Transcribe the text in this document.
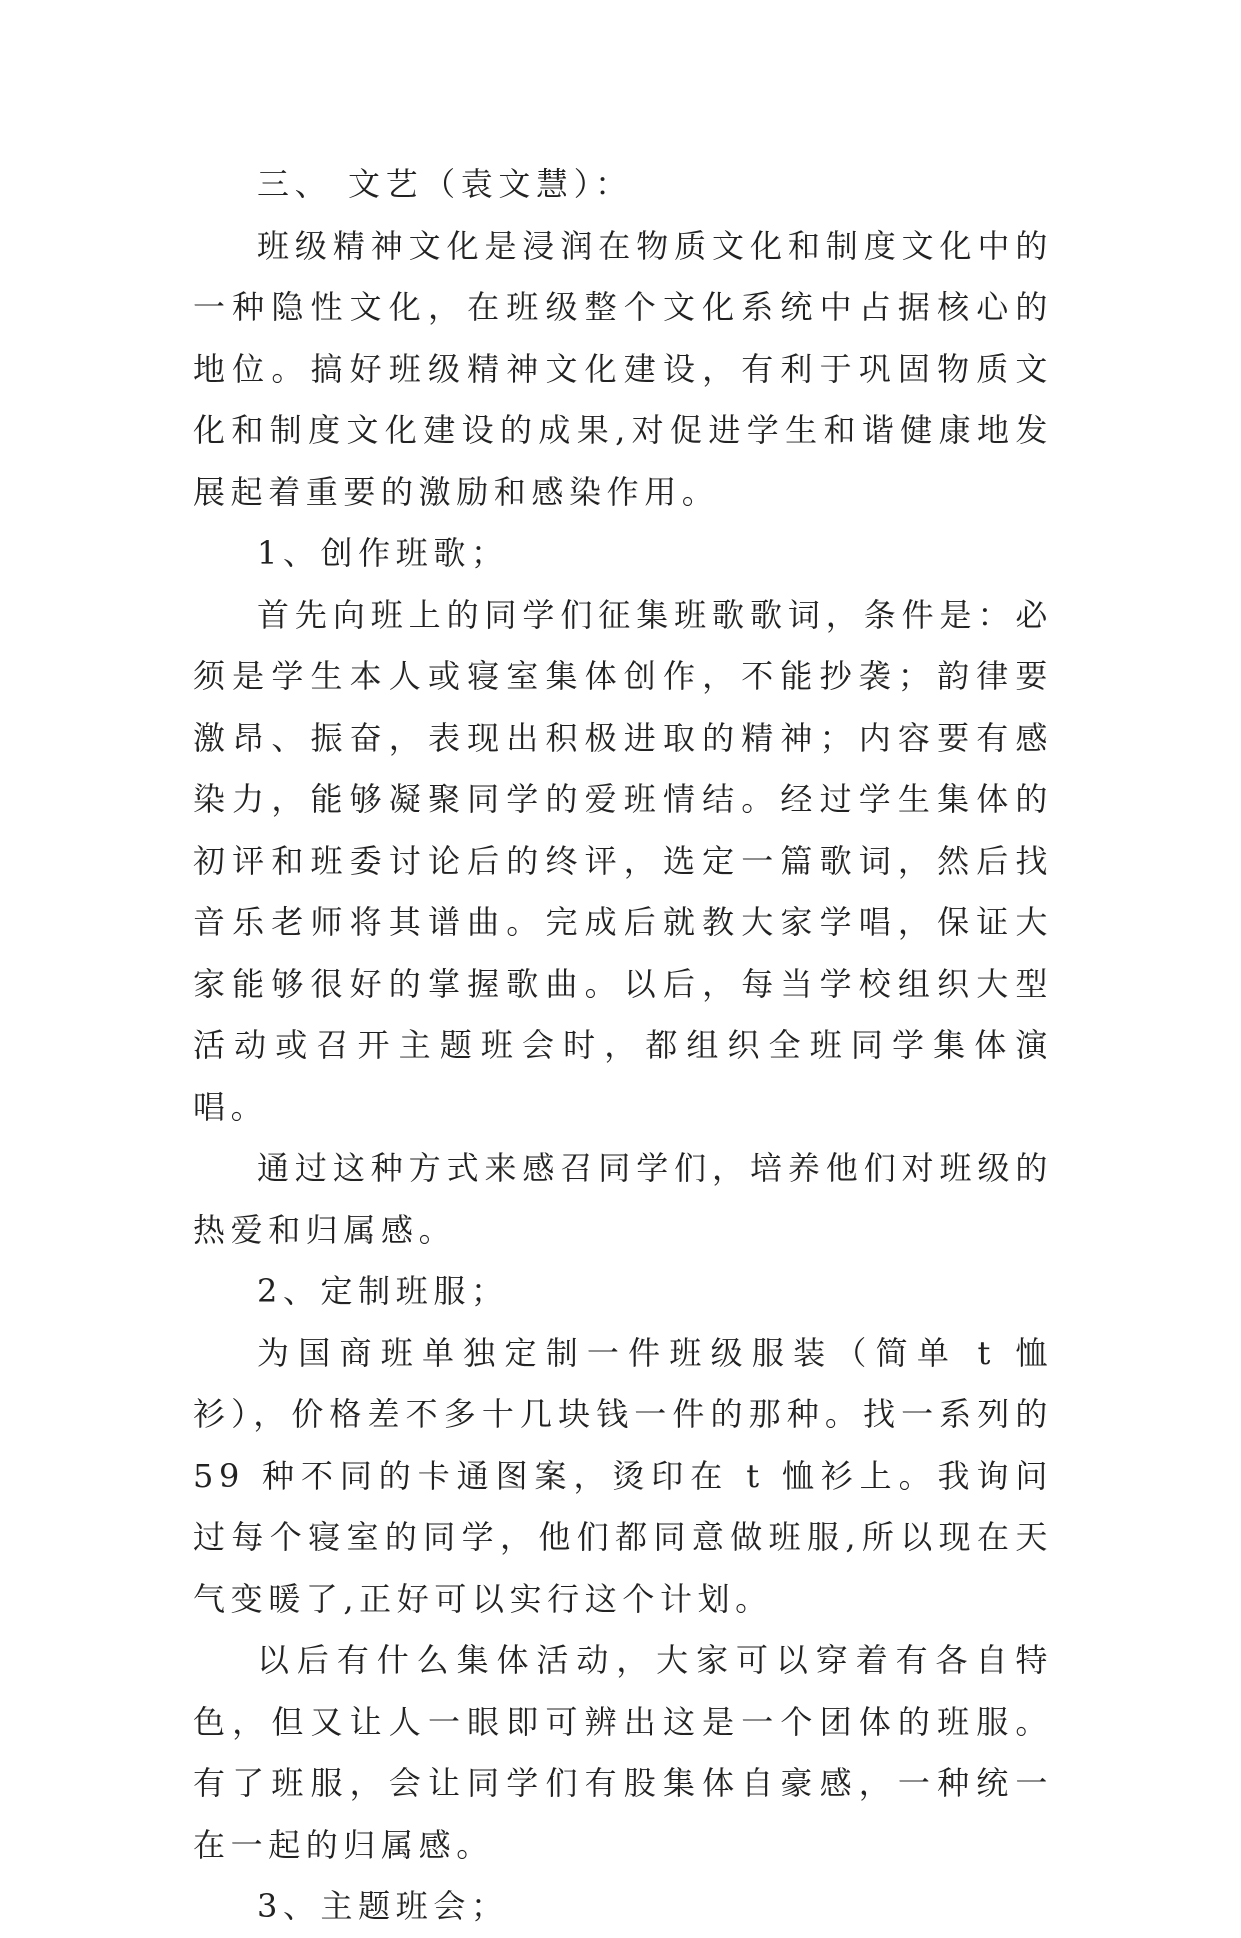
三、 文艺（袁文慧）：

班级精神文化是浸润在物质文化和制度文化中的一种隐性文化，在班级整个文化系统中占据核心的地位。搞好班级精神文化建设，有利于巩固物质文化和制度文化建设的成果,对促进学生和谐健康地发展起着重要的激励和感染作用。

1、创作班歌；

首先向班上的同学们征集班歌歌词，条件是：必须是学生本人或寝室集体创作，不能抄袭；韵律要激昂、振奋，表现出积极进取的精神；内容要有感染力，能够凝聚同学的爱班情结。经过学生集体的初评和班委讨论后的终评，选定一篇歌词，然后找音乐老师将其谱曲。完成后就教大家学唱，保证大家能够很好的掌握歌曲。以后，每当学校组织大型活动或召开主题班会时，都组织全班同学集体演唱。

通过这种方式来感召同学们，培养他们对班级的热爱和归属感。

2、定制班服；

为国商班单独定制一件班级服装（简单 t 恤衫），价格差不多十几块钱一件的那种。找一系列的 59 种不同的卡通图案，烫印在 t 恤衫上。我询问过每个寝室的同学，他们都同意做班服,所以现在天气变暖了,正好可以实行这个计划。

以后有什么集体活动，大家可以穿着有各自特色，但又让人一眼即可辨出这是一个团体的班服。有了班服，会让同学们有股集体自豪感，一种统一在一起的归属感。

3、主题班会；
